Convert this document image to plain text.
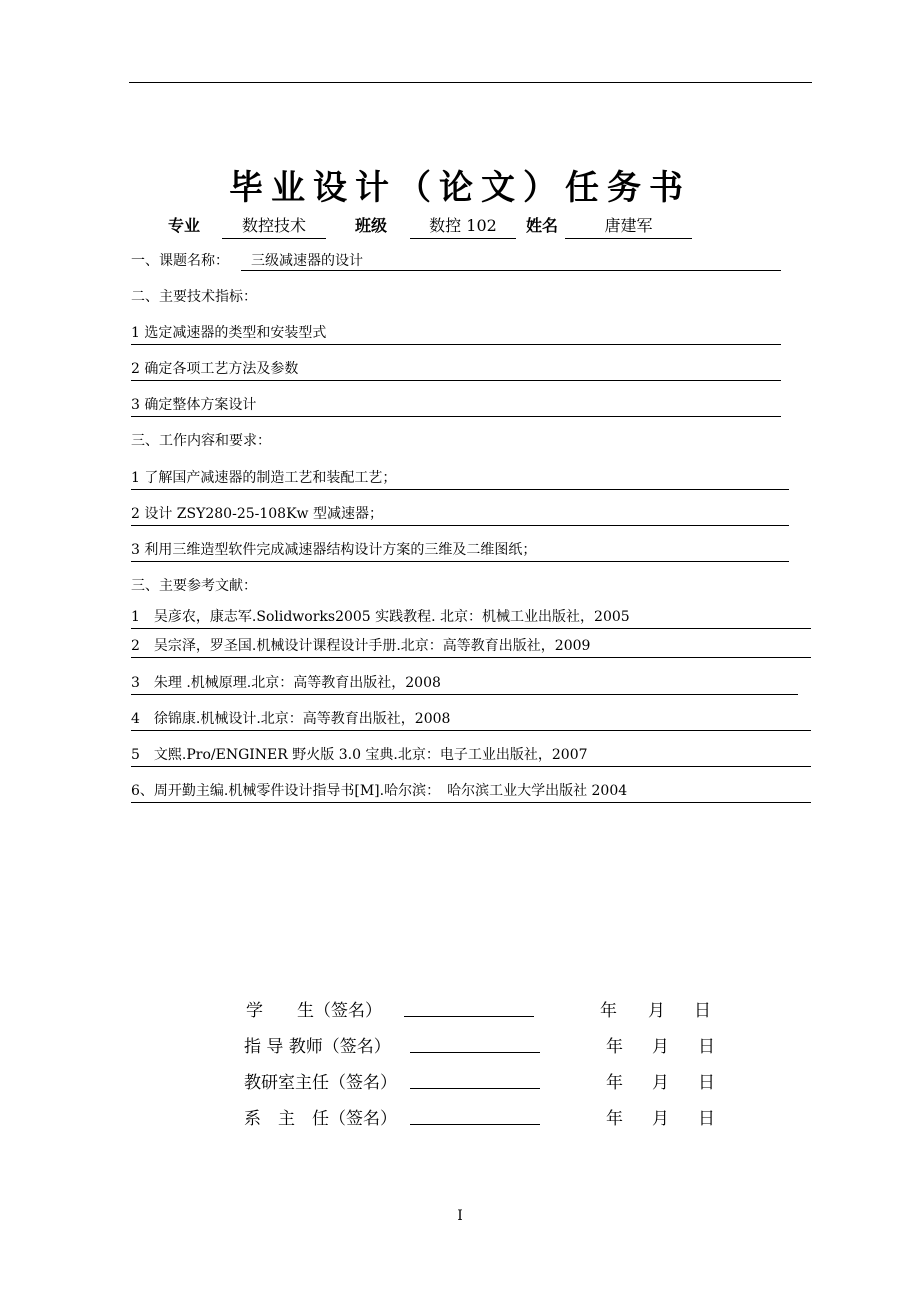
毕业设计（论文）任务书
专业	数控技术	班级	数控 102	姓名	唐建军
一、课题名称：	三级减速器的设计
二、主要技术指标：
1 选定减速器的类型和安装型式
2 确定各项工艺方法及参数
3 确定整体方案设计
三、工作内容和要求：
1 了解国产减速器的制造工艺和装配工艺；
2 设计 ZSY280-25-108Kw 型减速器；
3 利用三维造型软件完成减速器结构设计方案的三维及二维图纸；
三、主要参考文献：
1　吴彦农，康志军.Solidworks2005 实践教程. 北京：机械工业出版社，2005
2　吴宗泽，罗圣国.机械设计课程设计手册.北京：高等教育出版社，2009
3　朱理 .机械原理.北京：高等教育出版社，2008
4　徐锦康.机械设计.北京：高等教育出版社，2008
5　文熙.Pro/ENGINER 野火版 3.0 宝典.北京：电子工业出版社，2007
6、周开勤主编.机械零件设计指导书[M].哈尔滨：　哈尔滨工业大学出版社 2004
学　　生（签名）	年 月 日
指 导 教师（签名）	年 月 日
教研室主任（签名）	年 月 日
系　主　任（签名）	年 月 日
I
